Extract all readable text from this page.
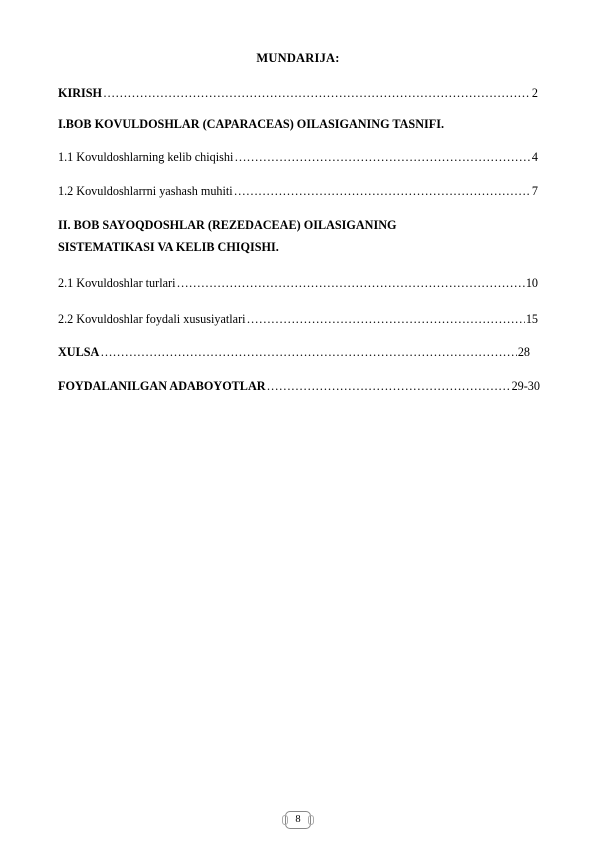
MUNDARIJA:
KIRISH …………………………………………………………………………………………………………………………………………………………………………………………………………………………………	2
I.BOB KOVULDOSHLAR (CAPARACEAS) OILASIGANING TASNIFI.
1.1 Kovuldoshlarning kelib chiqishi …………………………………………………………………………………………………………………………………………………………………………………………………………………………………	4
1.2 Kovuldoshlarrni yashash muhiti …………………………………………………………………………………………………………………………………………………………………………………………………………………………………	7
II. BOB SAYOQDOSHLAR (REZEDACEAE) OILASIGANING SISTEMATIKASI VA KELIB CHIQISHI.
2.1 Kovuldoshlar turlari …………………………………………………………………………………………………………………………………………………………………………………………………………………………………	10
2.2 Kovuldoshlar foydali xususiyatlari …………………………………………………………………………………………………………………………………………………………………………………………………………………………………	15
XULSA …………………………………………………………………………………………………………………………………………………………………………………………………………………………………	28
FOYDALANILGAN ADABOYOTLAR …………………………………………………………………………………………………………………………………………………………………………………………………………………………………	29-30
8
